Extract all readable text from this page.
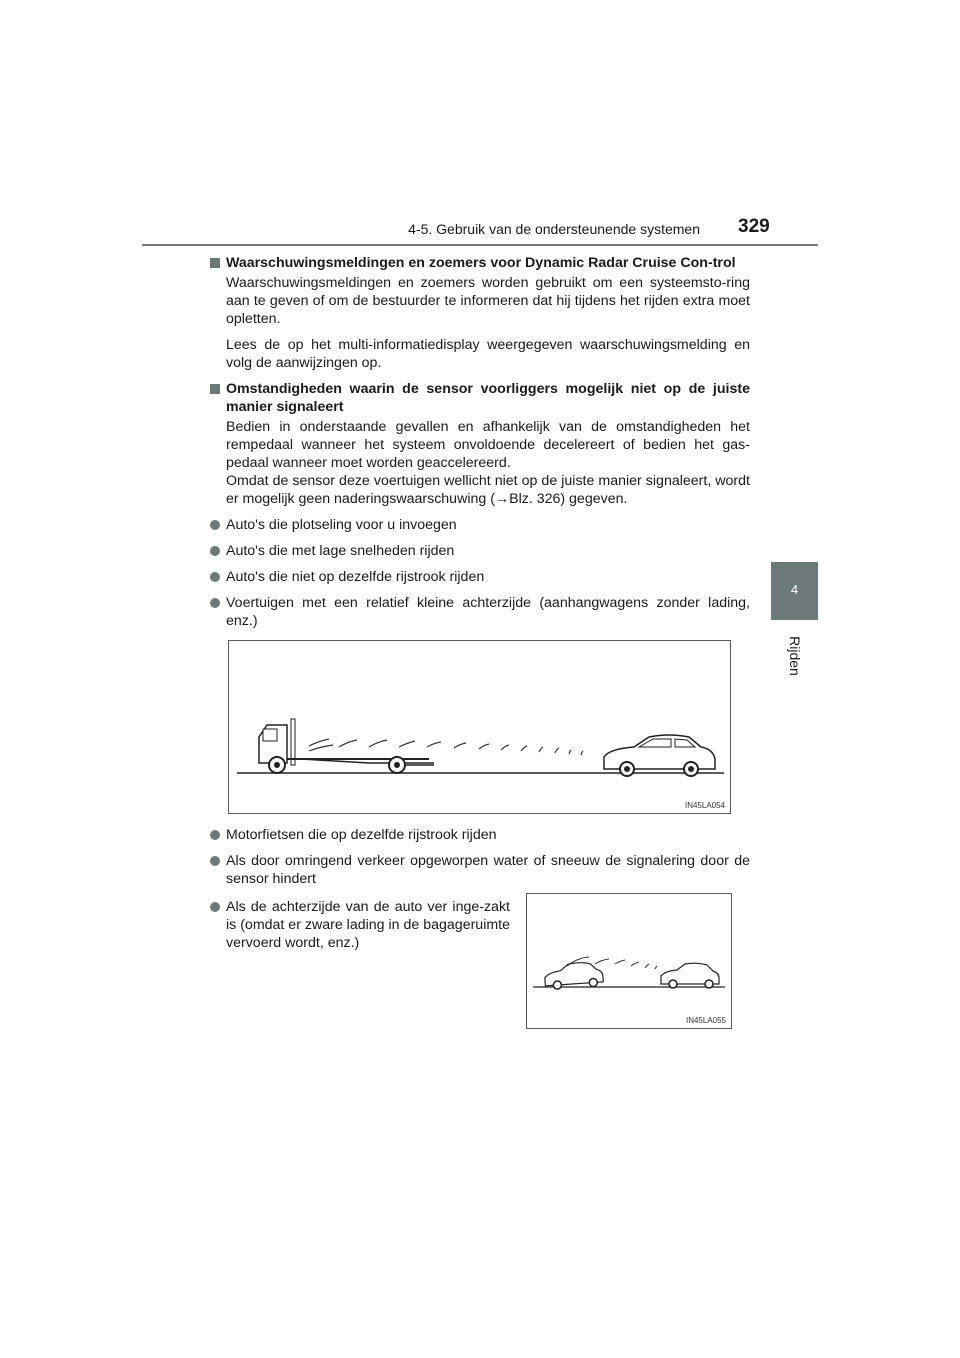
4-5. Gebruik van de ondersteunende systemen 329
4
Rijden
Waarschuwingsmeldingen en zoemers voor Dynamic Radar Cruise Con-trol

Waarschuwingsmeldingen en zoemers worden gebruikt om een systeemsto-ring aan te geven of om de bestuurder te informeren dat hij tijdens het rijden extra moet opletten.

Lees de op het multi-informatiedisplay weergegeven waarschuwingsmelding en volg de aanwijzingen op.

Omstandigheden waarin de sensor voorliggers mogelijk niet op de juiste manier signaleert

Bedien in onderstaande gevallen en afhankelijk van de omstandigheden het rempedaal wanneer het systeem onvoldoende decelereert of bedien het gas-pedaal wanneer moet worden geaccelereerd.

Omdat de sensor deze voertuigen wellicht niet op de juiste manier signaleert, wordt er mogelijk geen naderingswaarschuwing (→Blz. 326) gegeven.

Auto's die plotseling voor u invoegen
Auto's die met lage snelheden rijden
Auto's die niet op dezelfde rijstrook rijden
Voertuigen met een relatief kleine achterzijde (aanhangwagens zonder lading, enz.)
IN45LA054
Motorfietsen die op dezelfde rijstrook rijden
Als door omringend verkeer opgeworpen water of sneeuw de signalering door de sensor hindert
Als de achterzijde van de auto ver inge-zakt is (omdat er zware lading in de bagageruimte vervoerd wordt, enz.)
IN45LA055
